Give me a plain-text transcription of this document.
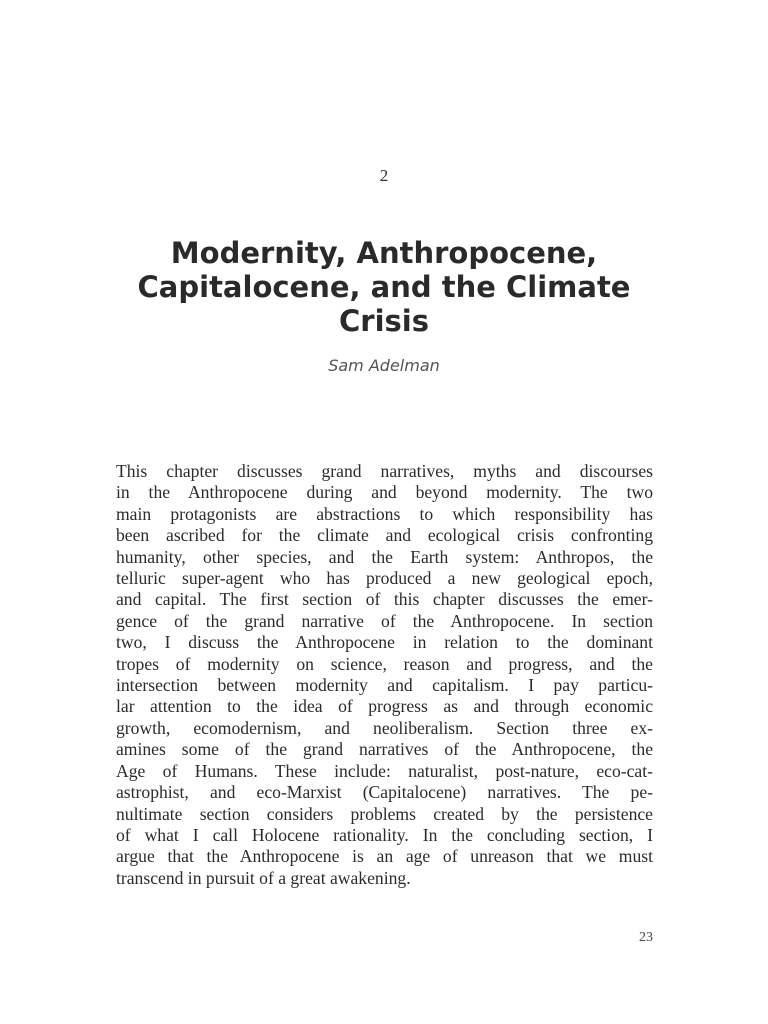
2
Modernity, Anthropocene, Capitalocene, and the Climate Crisis
Sam Adelman

This chapter discusses grand narratives, myths and discourses
in the Anthropocene during and beyond modernity. The two
main protagonists are abstractions to which responsibility has
been ascribed for the climate and ecological crisis confronting
humanity, other species, and the Earth system: Anthropos, the
telluric super-agent who has produced a new geological epoch,
and capital. The first section of this chapter discusses the emer-
gence of the grand narrative of the Anthropocene. In section
two, I discuss the Anthropocene in relation to the dominant
tropes of modernity on science, reason and progress, and the
intersection between modernity and capitalism. I pay particu-
lar attention to the idea of progress as and through economic
growth, ecomodernism, and neoliberalism. Section three ex-
amines some of the grand narratives of the Anthropocene, the
Age of Humans. These include: naturalist, post-nature, eco-cat-
astrophist, and eco-Marxist (Capitalocene) narratives. The pe-
nultimate section considers problems created by the persistence
of what I call Holocene rationality. In the concluding section, I
argue that the Anthropocene is an age of unreason that we must
transcend in pursuit of a great awakening.

23
